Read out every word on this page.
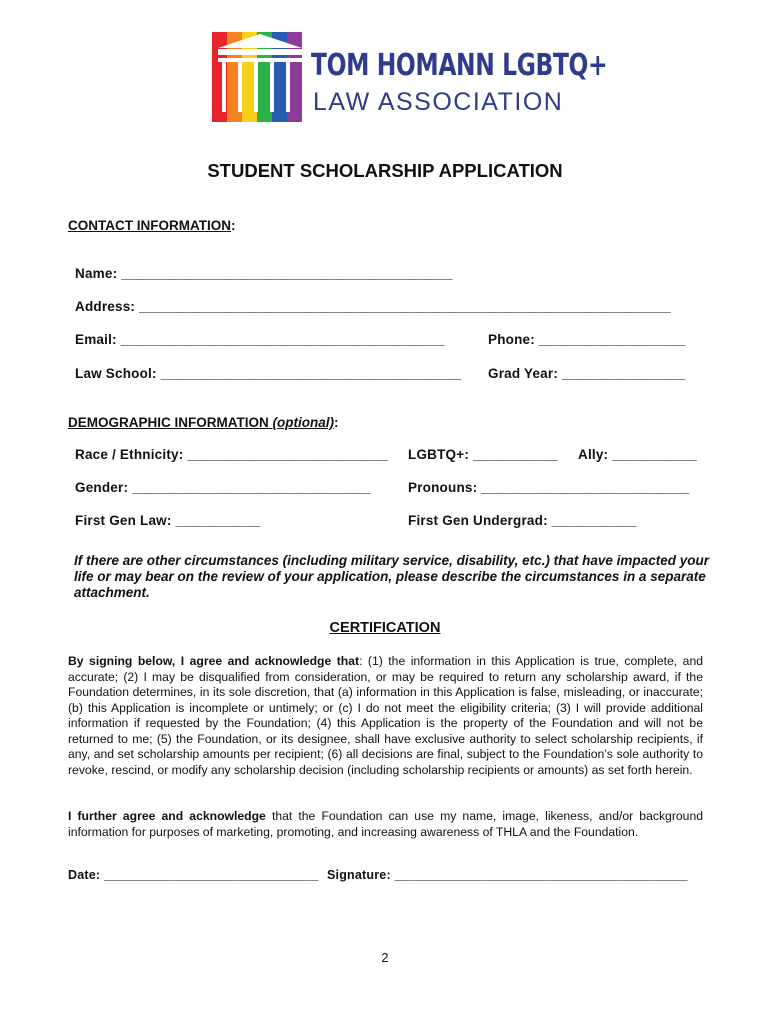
TOM HOMANN LGBTQ+
LAW ASSOCIATION
STUDENT SCHOLARSHIP APPLICATION
CONTACT INFORMATION:
Name: ___________________________________________
Address: _____________________________________________________________________
Email: __________________________________________	Phone: ___________________
Law School: _______________________________________ Grad Year: ________________
DEMOGRAPHIC INFORMATION (optional):
Race / Ethnicity: __________________________ LGBTQ+: ___________ Ally: ___________
Gender: _______________________________	Pronouns: ___________________________
First Gen Law: ___________	First Gen Undergrad: ___________
If there are other circumstances (including military service, disability, etc.) that have impacted your life or may bear on the review of your application, please describe the circumstances in a separate attachment.
CERTIFICATION
By signing below, I agree and acknowledge that: (1) the information in this Application is true, complete, and accurate; (2) I may be disqualified from consideration, or may be required to return any scholarship award, if the Foundation determines, in its sole discretion, that (a) information in this Application is false, misleading, or inaccurate; (b) this Application is incomplete or untimely; or (c) I do not meet the eligibility criteria; (3) I will provide additional information if requested by the Foundation; (4) this Application is the property of the Foundation and will not be returned to me; (5) the Foundation, or its designee, shall have exclusive authority to select scholarship recipients, if any, and set scholarship amounts per recipient; (6) all decisions are final, subject to the Foundation’s sole authority to revoke, rescind, or modify any scholarship decision (including scholarship recipients or amounts) as set forth herein.
I further agree and acknowledge that the Foundation can use my name, image, likeness, and/or background information for purposes of marketing, promoting, and increasing awareness of THLA and the Foundation.
Date: ______________________________ Signature: _________________________________________
2
